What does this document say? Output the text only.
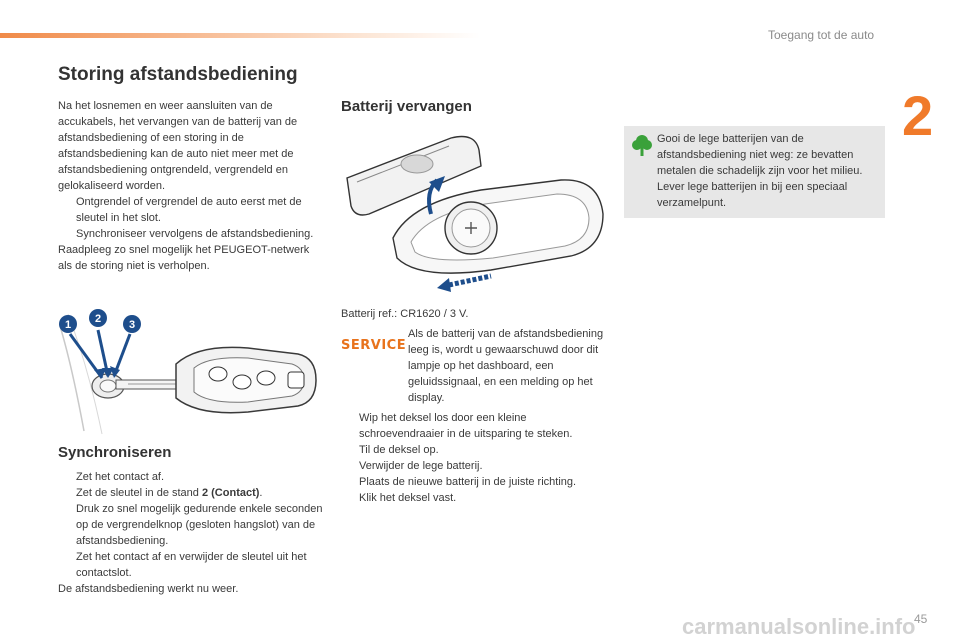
Toegang tot de auto
2
Storing afstandsbediening

Na het losnemen en weer aansluiten van de accukabels, het vervangen van de batterij van de afstandsbediening of een storing in de afstandsbediening kan de auto niet meer met de afstandsbediening ontgrendeld, vergrendeld en gelokaliseerd worden.

Ontgrendel of vergrendel de auto eerst met de sleutel in het slot.
Synchroniseer vervolgens de afstandsbediening.

Raadpleeg zo snel mogelijk het PEUGEOT-netwerk als de storing niet is verholpen.

1 2	3
Synchroniseren
Zet het contact af.
Zet de sleutel in de stand 2 (Contact).
Druk zo snel mogelijk gedurende enkele seconden op de vergrendelknop (gesloten hangslot) van de afstandsbediening.
Zet het contact af en verwijder de sleutel uit het contactslot.

De afstandsbediening werkt nu weer.

Batterij vervangen
Batterij ref.: CR1620 / 3 V.
SERVICE
Als de batterij van de afstandsbediening leeg is, wordt u gewaarschuwd door dit lampje op het dashboard, een geluidssignaal, en een melding op het display.
Wip het deksel los door een kleine schroevendraaier in de uitsparing te steken.
Til de deksel op.
Verwijder de lege batterij.
Plaats de nieuwe batterij in de juiste richting.
Klik het deksel vast.
Gooi de lege batterijen van de afstandsbediening niet weg: ze bevatten metalen die schadelijk zijn voor het milieu. Lever lege batterijen in bij een speciaal verzamelpunt.
carmanualsonline.info
45
